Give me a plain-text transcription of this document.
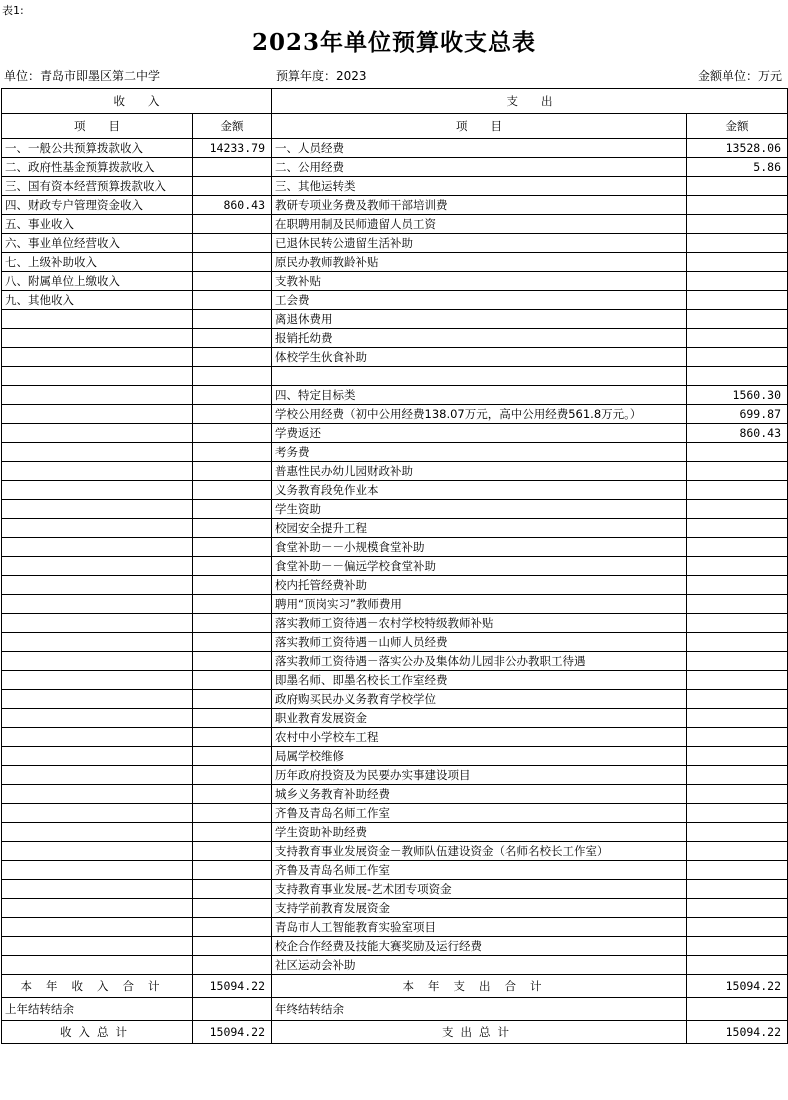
表1:
2023年单位预算收支总表
单位：青岛市即墨区第二中学	预算年度：2023	金额单位：万元
收　　入		支　　出	
项　　目	金额	项　　目	金额
一、一般公共预算拨款收入	14233.79	一、人员经费	13528.06
二、政府性基金预算拨款收入		二、公用经费	5.86
三、国有资本经营预算拨款收入		三、其他运转类	
四、财政专户管理资金收入	860.43	教研专项业务费及教师干部培训费	
五、事业收入		在职聘用制及民师遗留人员工资	
六、事业单位经营收入		已退休民转公遗留生活补助	
七、上级补助收入		原民办教师教龄补贴	
八、附属单位上缴收入		支教补贴	
九、其他收入		工会费	
		离退休费用	
		报销托幼费	
		体校学生伙食补助	

		四、特定目标类	1560.30
		学校公用经费（初中公用经费138.07万元，高中公用经费561.8万元。）	699.87
		学费返还	860.43
		考务费	
		普惠性民办幼儿园财政补助	
		义务教育段免作业本	
		学生资助	
		校园安全提升工程	
		食堂补助－－小规模食堂补助	
		食堂补助－－偏远学校食堂补助	
		校内托管经费补助	
		聘用“顶岗实习”教师费用	
		落实教师工资待遇－农村学校特级教师补贴	
		落实教师工资待遇－山师人员经费	
		落实教师工资待遇－落实公办及集体幼儿园非公办教职工待遇	
		即墨名师、即墨名校长工作室经费	
		政府购买民办义务教育学校学位	
		职业教育发展资金	
		农村中小学校车工程	
		局属学校维修	
		历年政府投资及为民要办实事建设项目	
		城乡义务教育补助经费	
		齐鲁及青岛名师工作室	
		学生资助补助经费	
		支持教育事业发展资金－教师队伍建设资金（名师名校长工作室）	
		齐鲁及青岛名师工作室	
		支持教育事业发展-艺术团专项资金	
		支持学前教育发展资金	
		青岛市人工智能教育实验室项目	
		校企合作经费及技能大赛奖励及运行经费	
		社区运动会补助	
本年收入合计	15094.22	本年支出合计	15094.22
上年结转结余		年终结转结余	
收入总计	15094.22	支出总计	15094.22
